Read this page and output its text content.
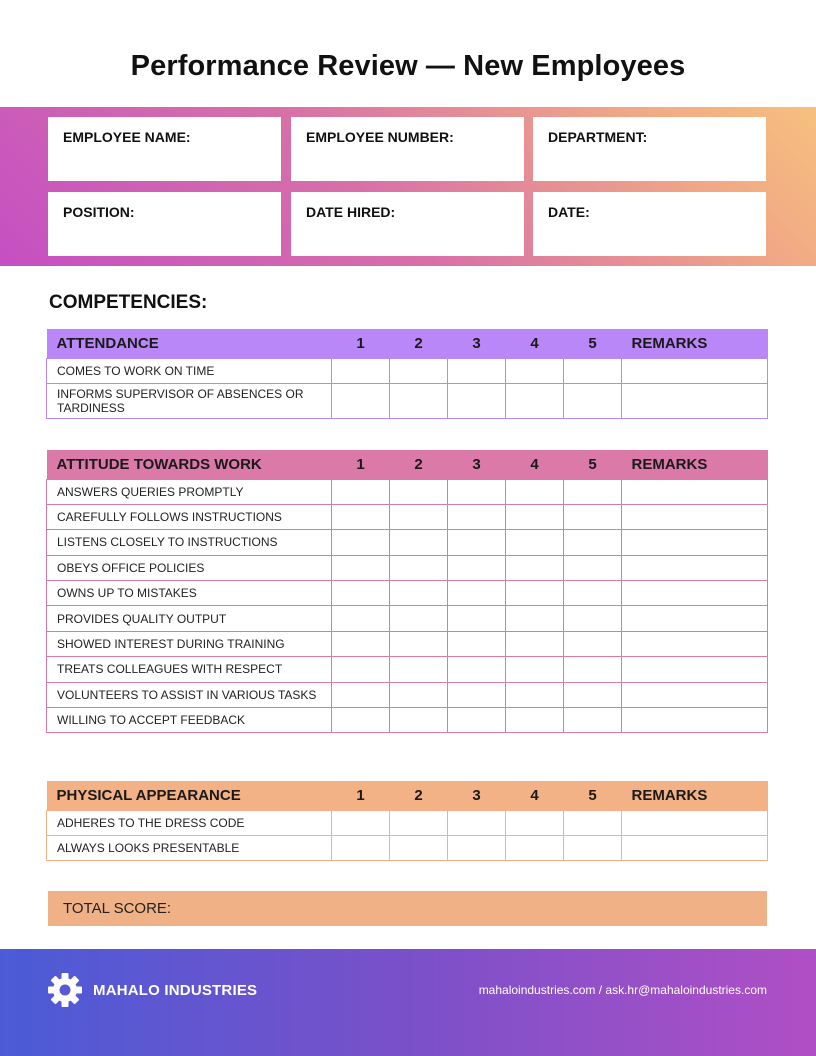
Performance Review — New Employees
EMPLOYEE NAME:	EMPLOYEE NUMBER:	DEPARTMENT:
POSITION:	DATE HIRED:	DATE:
COMPETENCIES:
ATTENDANCE	1	2	3	4	5	REMARKS
COMES TO WORK ON TIME						
INFORMS SUPERVISOR OF ABSENCES OR TARDINESS						
ATTITUDE TOWARDS WORK	1	2	3	4	5	REMARKS
ANSWERS QUERIES PROMPTLY						
CAREFULLY FOLLOWS INSTRUCTIONS						
LISTENS CLOSELY TO INSTRUCTIONS						
OBEYS OFFICE POLICIES						
OWNS UP TO MISTAKES						
PROVIDES QUALITY OUTPUT						
SHOWED INTEREST DURING TRAINING						
TREATS COLLEAGUES WITH RESPECT						
VOLUNTEERS TO ASSIST IN VARIOUS TASKS						
WILLING TO ACCEPT FEEDBACK						
PHYSICAL APPEARANCE	1	2	3	4	5	REMARKS
ADHERES TO THE DRESS CODE						
ALWAYS LOOKS PRESENTABLE						
TOTAL SCORE:
MAHALO INDUSTRIES	mahaloindustries.com / ask.hr@mahaloindustries.com
